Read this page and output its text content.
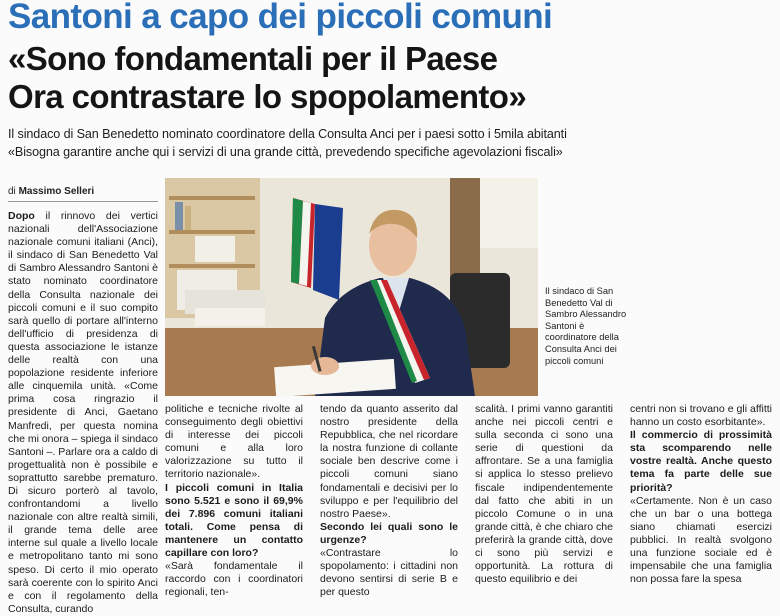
Santoni a capo dei piccoli comuni
«Sono fondamentali per il Paese
Ora contrastare lo spopolamento»
Il sindaco di San Benedetto nominato coordinatore della Consulta Anci per i paesi sotto i 5mila abitanti
«Bisogna garantire anche qui i servizi di una grande città, prevedendo specifiche agevolazioni fiscali»
di Massimo Selleri

Dopo il rinnovo dei vertici nazionali dell'Associazione nazionale comuni italiani (Anci), il sindaco di San Benedetto Val di Sambro Alessandro Santoni è stato nominato coordinatore della Consulta nazionale dei piccoli comuni e il suo compito sarà quello di portare all'interno dell'ufficio di presidenza di questa associazione le istanze delle realtà con una popolazione residente inferiore alle cinquemila unità. «Come prima cosa ringrazio il presidente di Anci, Gaetano Manfredi, per questa nomina che mi onora – spiega il sindaco Santoni –. Parlare ora a caldo di progettualità non è possibile e soprattutto sarebbe prematuro. Di sicuro porterò al tavolo, confrontandomi a livello nazionale con altre realtà simili, il grande tema delle aree interne sul quale a livello locale e metropolitano tanto mi sono speso. Di certo il mio operato sarà coerente con lo spirito Anci e con il regolamento della Consulta, curando

Il sindaco di San Benedetto Val di Sambro Alessandro Santoni è coordinatore della Consulta Anci dei piccoli comuni

politiche e tecniche rivolte al conseguimento degli obiettivi di interesse dei piccoli comuni e alla loro valorizzazione su tutto il territorio nazionale».

I piccoli comuni in Italia sono 5.521 e sono il 69,9% dei 7.896 comuni italiani totali. Come pensa di mantenere un contatto capillare con loro?

«Sarà fondamentale il raccordo con i coordinatori regionali, ten-

tendo da quanto asserito dal nostro presidente della Repubblica, che nel ricordare la nostra funzione di collante sociale ben descrive come i piccoli comuni siano fondamentali e decisivi per lo sviluppo e per l'equilibrio del nostro Paese».

Secondo lei quali sono le urgenze?

«Contrastare lo spopolamento: i cittadini non devono sentirsi di serie B e per questo

scalità. I primi vanno garantiti anche nei piccoli centri e sulla seconda ci sono una serie di questioni da affrontare. Se a una famiglia si applica lo stesso prelievo fiscale indipendentemente dal fatto che abiti in un piccolo Comune o in una grande città, è che chiaro che preferirà la grande città, dove ci sono più servizi e opportunità. La rottura di questo equilibrio e dei

centri non si trovano e gli affitti hanno un costo esorbitante».

Il commercio di prossimità sta scomparendo nelle vostre realtà. Anche questo tema fa parte delle sue priorità?

«Certamente. Non è un caso che un bar o una bottega siano chiamati esercizi pubblici. In realtà svolgono una funzione sociale ed è impensabile che una famiglia non possa fare la spesa
